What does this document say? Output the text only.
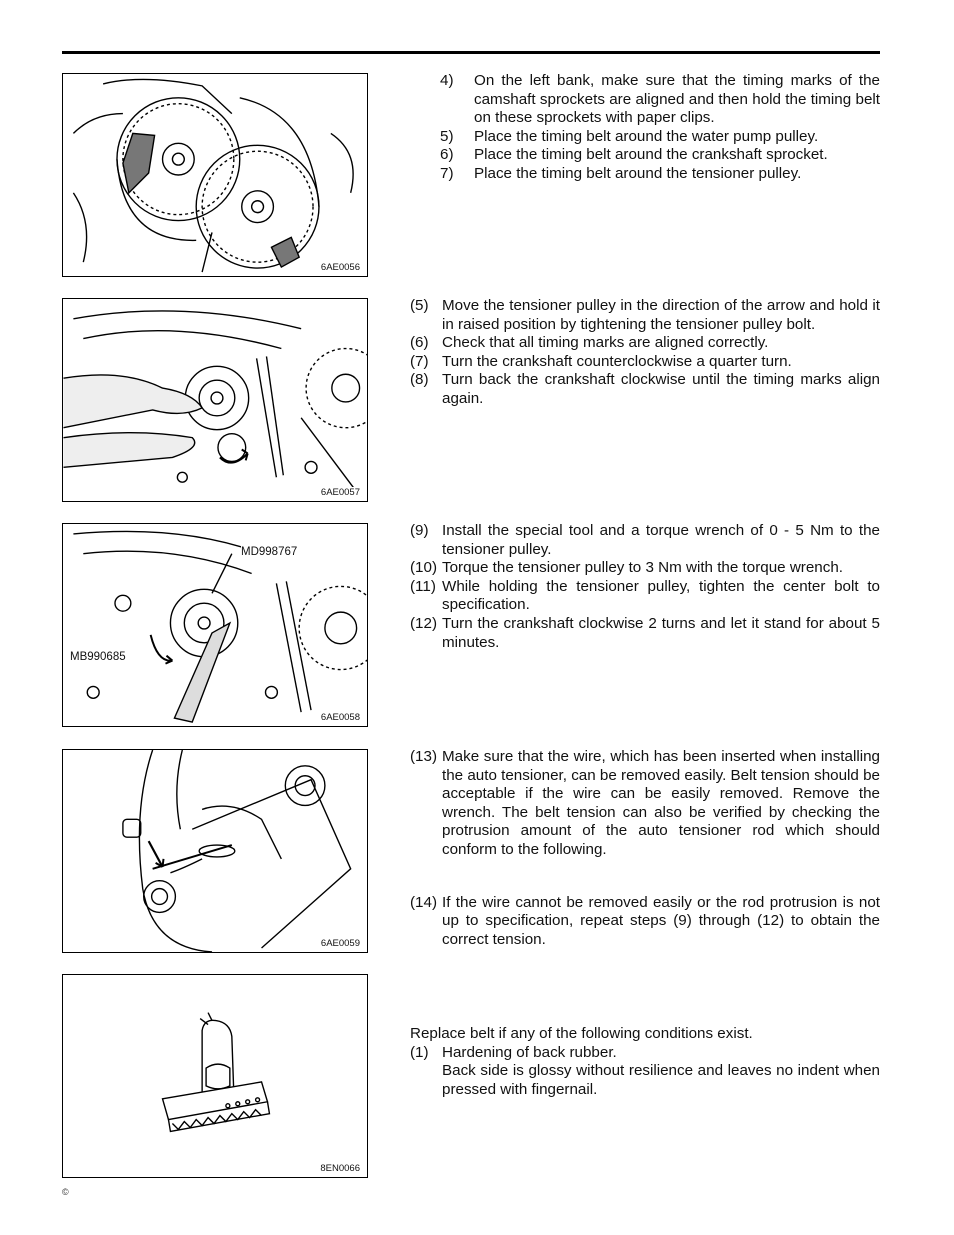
6AE0056
6AE0057
MD998767
MB990685
6AE0058
6AE0059
8EN0066
4)	On the left bank, make sure that the timing marks of the camshaft sprockets are aligned and then hold the timing belt on these sprockets with paper clips.
5)	Place the timing belt around the water pump pulley.
6)	Place the timing belt around the crankshaft sprocket.
7)	Place the timing belt around the tensioner pulley.
(5) Move the tensioner pulley in the direction of the arrow and hold it in raised position by tightening the tensioner pulley bolt.
(6) Check that all timing marks are aligned correctly.
(7) Turn the crankshaft counterclockwise a quarter turn.
(8) Turn back the crankshaft clockwise until the timing marks align again.
(9) Install the special tool and a torque wrench of 0 - 5 Nm to the tensioner pulley.
(10) Torque the tensioner pulley to 3 Nm with the torque wrench.
(11) While holding the tensioner pulley, tighten the center bolt to specification.
(12) Turn the crankshaft clockwise 2 turns and let it stand for about 5 minutes.
(13) Make sure that the wire, which has been inserted when installing the auto tensioner, can be removed easily. Belt tension should be acceptable if the wire can be easily removed. Remove the wrench. The belt tension can also be verified by checking the protrusion amount of the auto tensioner rod which should conform to the following.
(14) If the wire cannot be removed easily or the rod protrusion is not up to specification, repeat steps (9) through (12) to obtain the correct tension.
Replace belt if any of the following conditions exist.
(1) Hardening of back rubber.
Back side is glossy without resilience and leaves no indent when pressed with fingernail.
©
